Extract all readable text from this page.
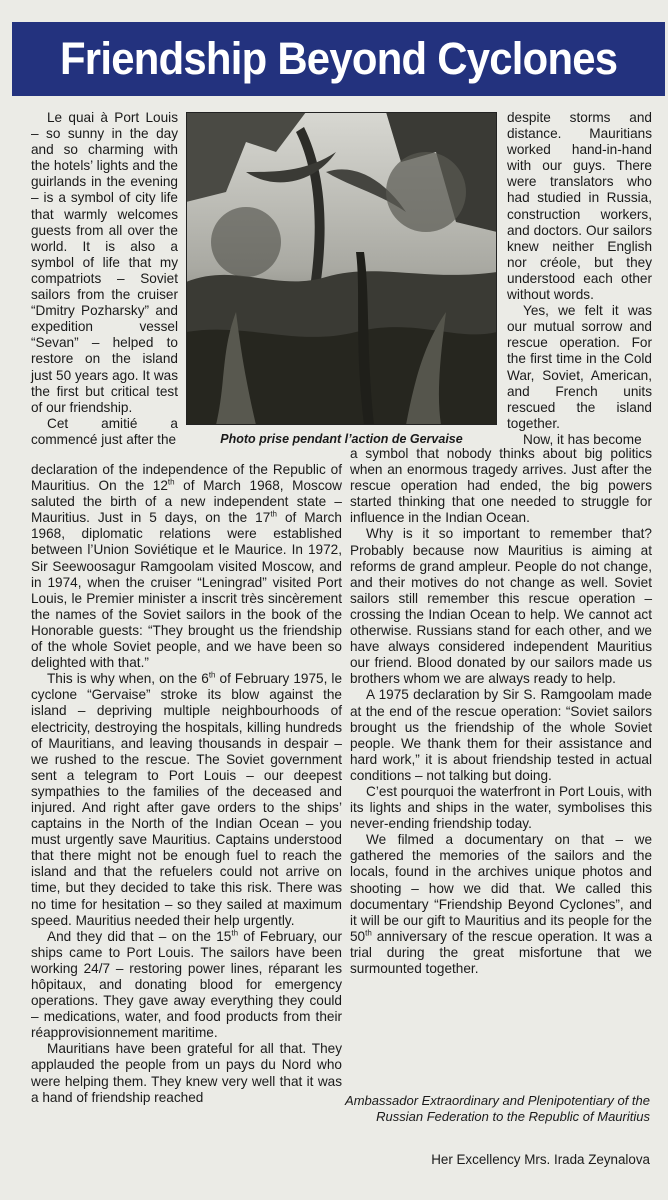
Friendship Beyond Cyclones

Le quai à Port Louis – so sunny in the day and so charming with the hotels’ lights and the guirlands in the evening – is a symbol of city life that warmly welcomes guests from all over the world. It is also a symbol of life that my compatriots – Soviet sailors from the cruiser “Dmitry Pozharsky” and expedition vessel “Sevan” – helped to restore on the island just 50 years ago. It was the first but critical test of our friendship.

Cet amitié a commencé just after the	Photo prise pendant l’action de Gervaise

despite storms and distance. Mauritians worked hand-in-hand with our guys. There were translators who had studied in Russia, construction workers, and doctors. Our sailors knew neither English nor créole, but they understood each other without words.

Yes, we felt it was our mutual sorrow and rescue operation. For the first time in the Cold War, Soviet, American, and French units rescued the island together.

Now, it has become

declaration of the independence of the Republic of Mauritius. On the 12th of March 1968, Moscow saluted the birth of a new independent state – Mauritius. Just in 5 days, on the 17th of March 1968, diplomatic relations were established between l’Union Soviétique et le Maurice. In 1972, Sir Seewoosagur Ramgoolam visited Moscow, and in 1974, when the cruiser “Leningrad” visited Port Louis, le Premier minister a inscrit très sincèrement the names of the Soviet sailors in the book of the Honorable guests: “They brought us the friendship of the whole Soviet people, and we have been so delighted with that.”

This is why when, on the 6th of February 1975, le cyclone “Gervaise” stroke its blow against the island – depriving multiple neighbourhoods of electricity, destroying the hospitals, killing hundreds of Mauritians, and leaving thousands in despair – we rushed to the rescue. The Soviet government sent a telegram to Port Louis – our deepest sympathies to the families of the deceased and injured. And right after gave orders to the ships’ captains in the North of the Indian Ocean – you must urgently save Mauritius. Captains understood that there might not be enough fuel to reach the island and that the refuelers could not arrive on time, but they decided to take this risk. There was no time for hesitation – so they sailed at maximum speed. Mauritius needed their help urgently.

And they did that – on the 15th of February, our ships came to Port Louis. The sailors have been working 24/7 – restoring power lines, réparant les hôpitaux, and donating blood for emergency operations. They gave away everything they could – medications, water, and food products from their réapprovisionnement maritime.

Mauritians have been grateful for all that. They applauded the people from un pays du Nord who were helping them. They knew very well that it was a hand of friendship reached

a symbol that nobody thinks about big politics when an enormous tragedy arrives. Just after the rescue operation had ended, the big powers started thinking that one needed to struggle for influence in the Indian Ocean.

Why is it so important to remember that? Probably because now Mauritius is aiming at reforms de grand ampleur. People do not change, and their motives do not change as well. Soviet sailors still remember this rescue operation – crossing the Indian Ocean to help. We cannot act otherwise. Russians stand for each other, and we have always considered independent Mauritius our friend. Blood donated by our sailors made us brothers whom we are always ready to help.

A 1975 declaration by Sir S. Ramgoolam made at the end of the rescue operation: “Soviet sailors brought us the friendship of the whole Soviet people. We thank them for their assistance and hard work,” it is about friendship tested in actual conditions – not talking but doing.

C’est pourquoi the waterfront in Port Louis, with its lights and ships in the water, symbolises this never-ending friendship today.

We filmed a documentary on that – we gathered the memories of the sailors and the locals, found in the archives unique photos and shooting – how we did that. We called this documentary “Friendship Beyond Cyclones”, and it will be our gift to Mauritius and its people for the 50th anniversary of the rescue operation. It was a trial during the great misfortune that we surmounted together.

Ambassador Extraordinary and Plenipotentiary of the Russian Federation to the Republic of Mauritius
Her Excellency Mrs. Irada Zeynalova
